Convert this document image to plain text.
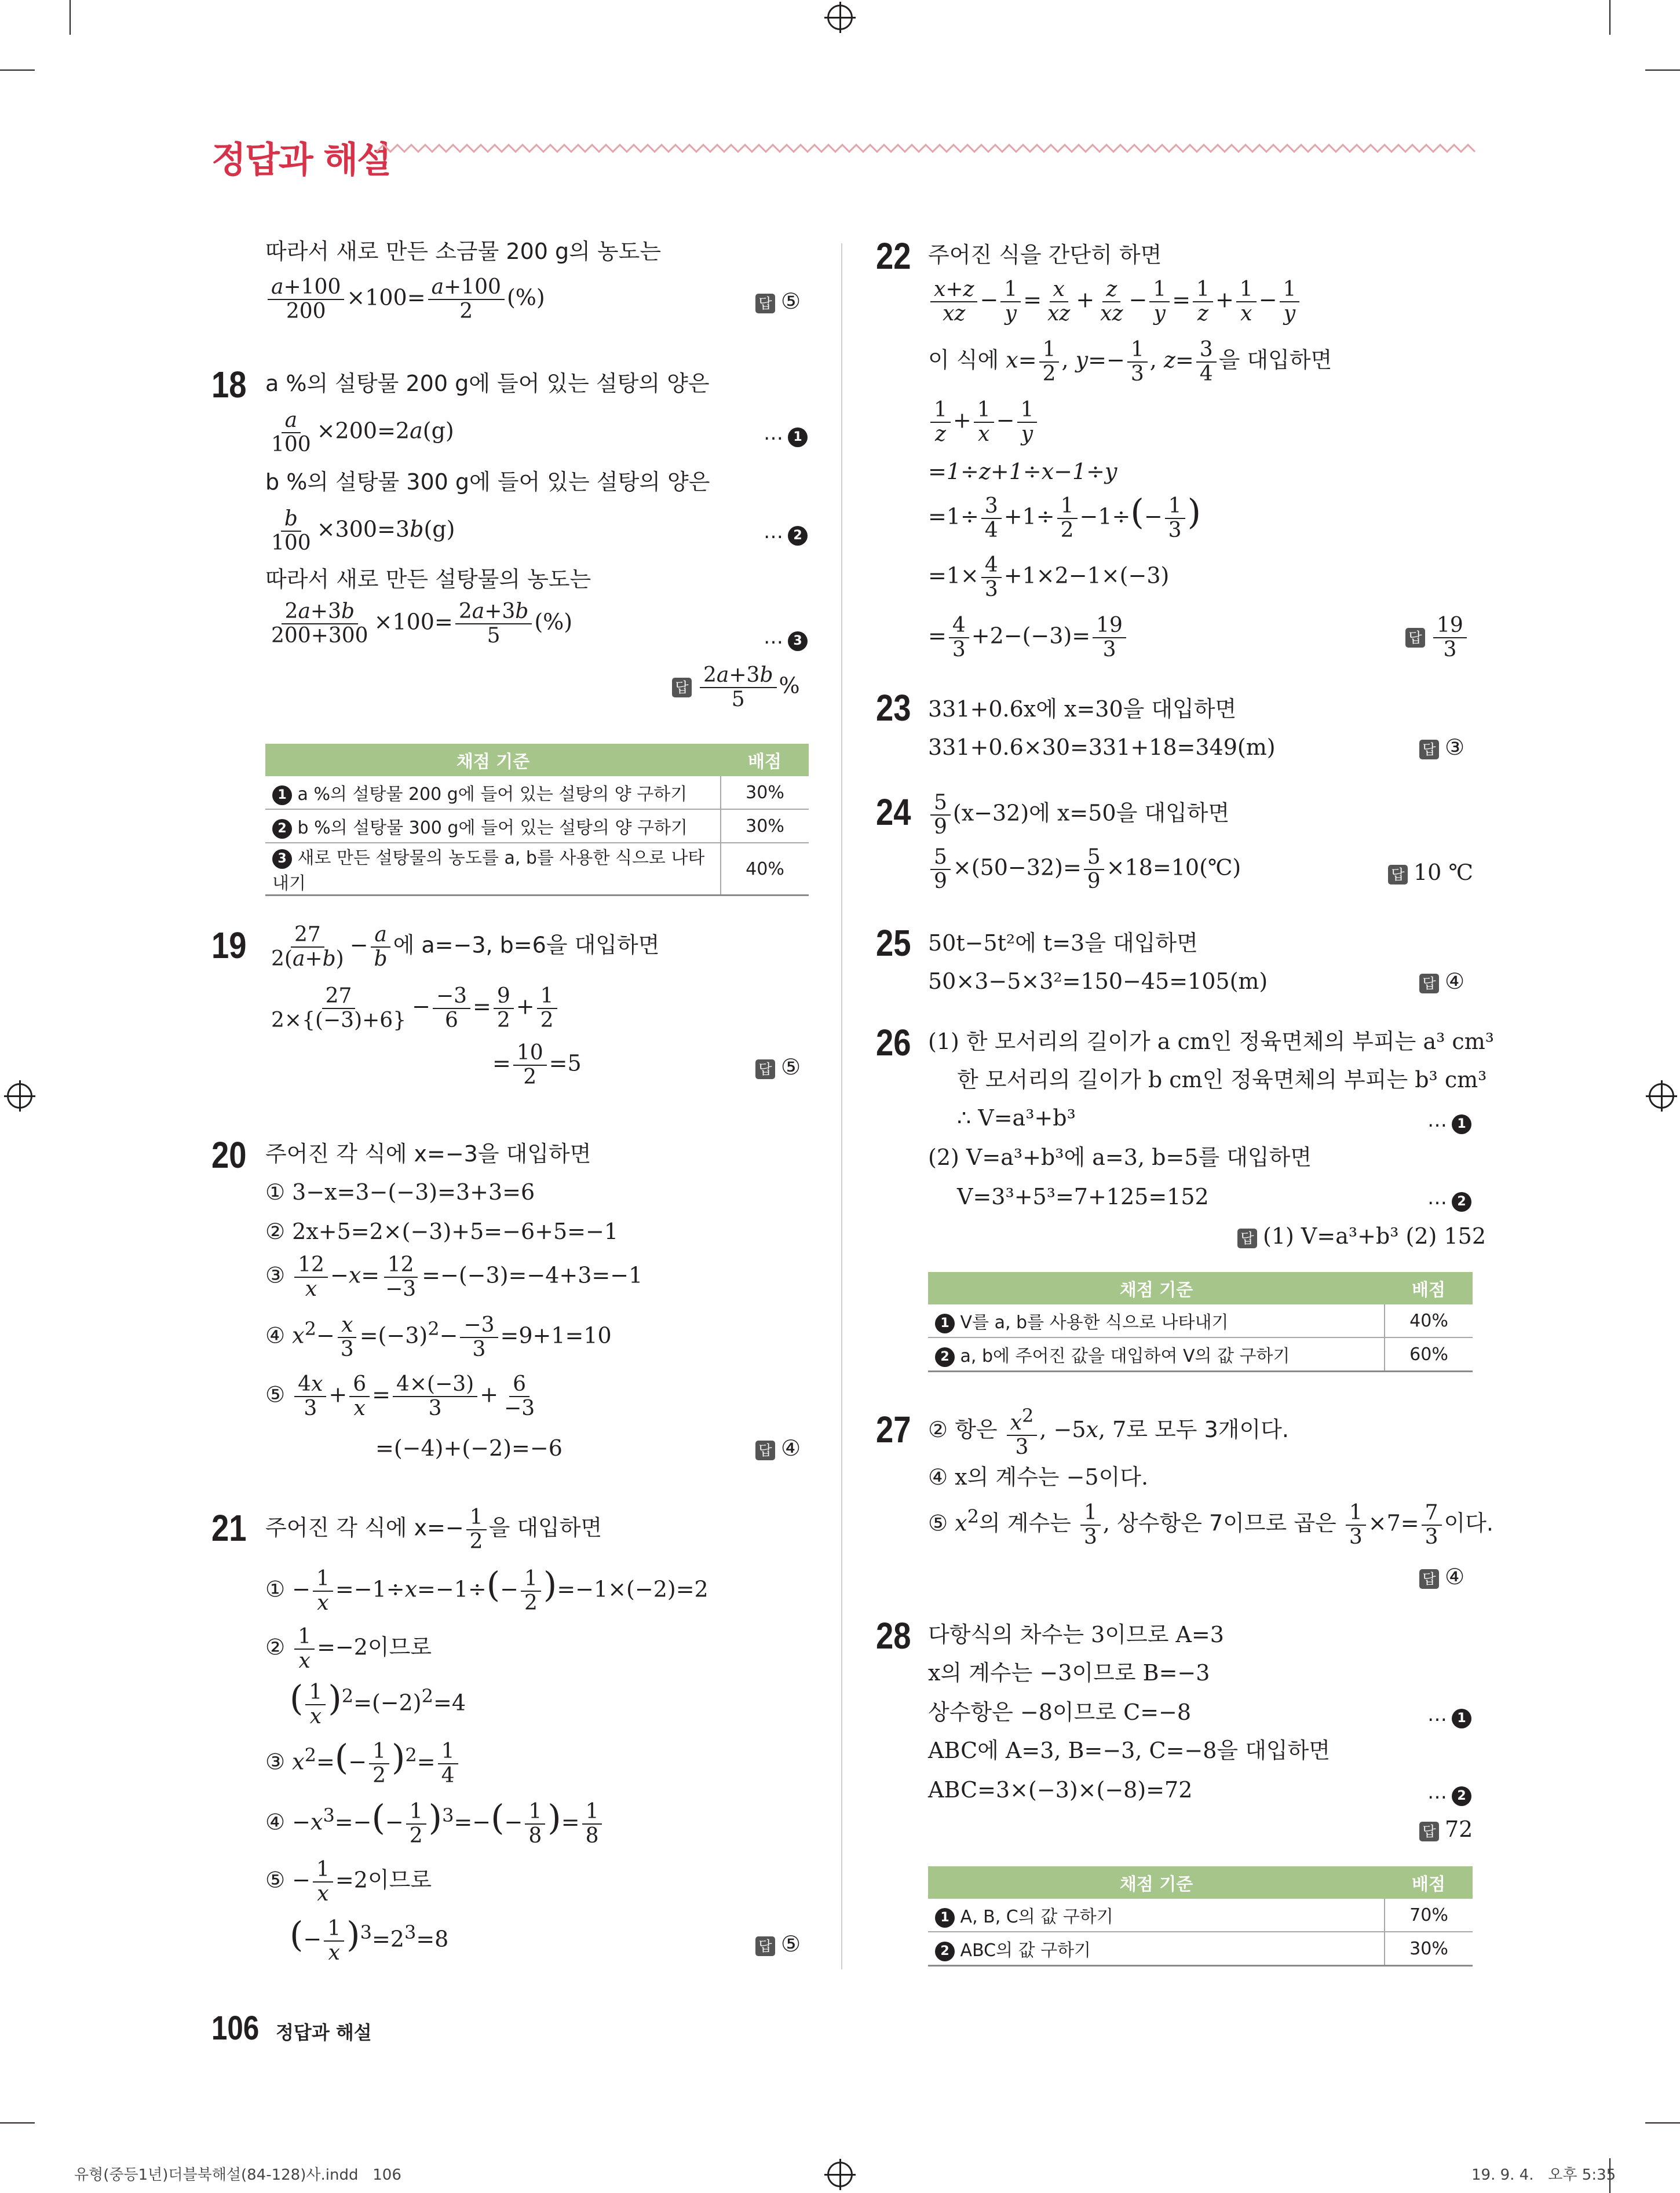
정답과 해설
따라서 새로 만든 소금물 200 g의 농도는
$\frac{a+100}{200} \times 100= \frac{a+100}{2}$ (%)	답 ⑤
18 a %의 설탕물 200 g에 들어 있는 설탕의 양은
$\frac{a}{100} \times 200=2a(g)$	… 1
b %의 설탕물 300 g에 들어 있는 설탕의 양은
$\frac{b}{100} \times 300=3b(g)$	… 2
따라서 새로 만든 설탕물의 농도는
$\frac{2a+3b}{200+300} \times 100= \frac{2a+3b}{5}$ (%)
… 3
답 $\frac{2a+3b}{5}$ %
채점 기준	배점
1 a %의 설탕물 200 g에 들어 있는 설탕의 양 구하기	30%
2 b %의 설탕물 300 g에 들어 있는 설탕의 양 구하기	30%
3 새로 만든 설탕물의 농도를 a, b를 사용한 식으로 나타내기	40%
$19 \frac{27}{2(a+b)} - \frac{a}{b}$ 에 a=−3, b=6을 대입하면
$\frac{27}{2\times\{(-3)+6\}} - \frac{-3}{6} = \frac{9}{2} + \frac{1}{2}$
= $\frac{10}{2} =5$	답 ⑤
20 주어진 각 식에 x=−3을 대입하면
① 3−x=3−(−3)=3+3=6
② 2x+5=2×(−3)+5=−6+5=−1
③ $\frac{12}{x} -x= \frac{12}{-3} =-(-3)=-4+3=-1$
④ $x^2- \frac{x}{3} =(-3)^2- \frac{-3}{3} =9+1=10$
⑤ $\frac{4x}{3} + \frac{6}{x} = \frac{4\times(-3)}{3} + \frac{6}{-3}$
=(−4)+(−2)=−6	답 ④
21 주어진 각 식에 $x=- \frac{1}{2}$ 을 대입하면
① − $\frac{1}{x} =-1\div x=-1\div(- \frac{1}{2} )=-1\times(-2)=2$
② $\frac{1}{x} =-2$이므로
( $\frac{1}{x} )^2=(-2)^2=4$
③ $x^2=(- \frac{1}{2} )^2= \frac{1}{4}$
④ $-x^3=-(- \frac{1}{2} )^3=-(- \frac{1}{8}$ )= $\frac{1}{8}$
⑤ − $\frac{1}{x} =2$이므로
(− $\frac{1}{x} )^3=2^3=8$	답 ⑤
22 주어진 식을 간단히 하면
$\frac{x+z}{xz} - \frac{1}{y} = \frac{x}{xz} + \frac{z}{xz} - \frac{1}{y} = \frac{1}{z} + \frac{1}{x} - \frac{1}{y}$
이 식에 $x= \frac{1}{2}$ , $y=- \frac{1}{3}$ , $z= \frac{3}{4}$ 을 대입하면
$\frac{1}{z} + \frac{1}{x} - \frac{1}{y}$
=1÷z+1÷x−1÷y
$=1\div \frac{3}{4} +1\div \frac{1}{2} -1\div(- \frac{1}{3}$ )
$=1\times \frac{4}{3} +1\times 2-1\times(-3)$
= $\frac{4}{3} +2-(-3)= \frac{19}{3}$	답 $\frac{19}{3}$
23 331+0.6x에 x=30을 대입하면
331+0.6×30=331+18=349(m)	답 ③
$24 \frac{5}{9} (x-32)$에 x=50을 대입하면
$\frac{5}{9} \times(50-32)= \frac{5}{9}$ ×18=10(℃)	답 10 ℃
25 50t−5t²에 t=3을 대입하면
50×3−5×3²=150−45=105(m)	답 ④
26 (1) 한 모서리의 길이가 a cm인 정육면체의 부피는 a³ cm³
한 모서리의 길이가 b cm인 정육면체의 부피는 b³ cm³
∴ V=a³+b³	… 1
(2) V=a³+b³에 a=3, b=5를 대입하면
V=3³+5³=7+125=152	… 2
답 (1) V=a³+b³ (2) 152
채점 기준	배점
1 V를 a, b를 사용한 식으로 나타내기	40%
2 a, b에 주어진 값을 대입하여 V의 값 구하기	60%
27 ② 항은 $\frac{x^2}{3}$ , −5x, 7로 모두 3개이다.
④ x의 계수는 −5이다.
⑤ $x^2$의 계수는 $\frac{1}{3}$ , 상수항은 7이므로 곱은 $\frac{1}{3} \times 7= \frac{7}{3}$ 이다.
답 ④
28 다항식의 차수는 3이므로 A=3
x의 계수는 −3이므로 B=−3
상수항은 −8이므로 C=−8	… 1
ABC에 A=3, B=−3, C=−8을 대입하면
ABC=3×(−3)×(−8)=72	… 2
답 72
채점 기준	배점
1 A, B, C의 값 구하기	70%
2 ABC의 값 구하기	30%
106 정답과 해설
유형(중등1년)더블북해설(84-128)사.indd   106	19. 9. 4.   오후 5:35
